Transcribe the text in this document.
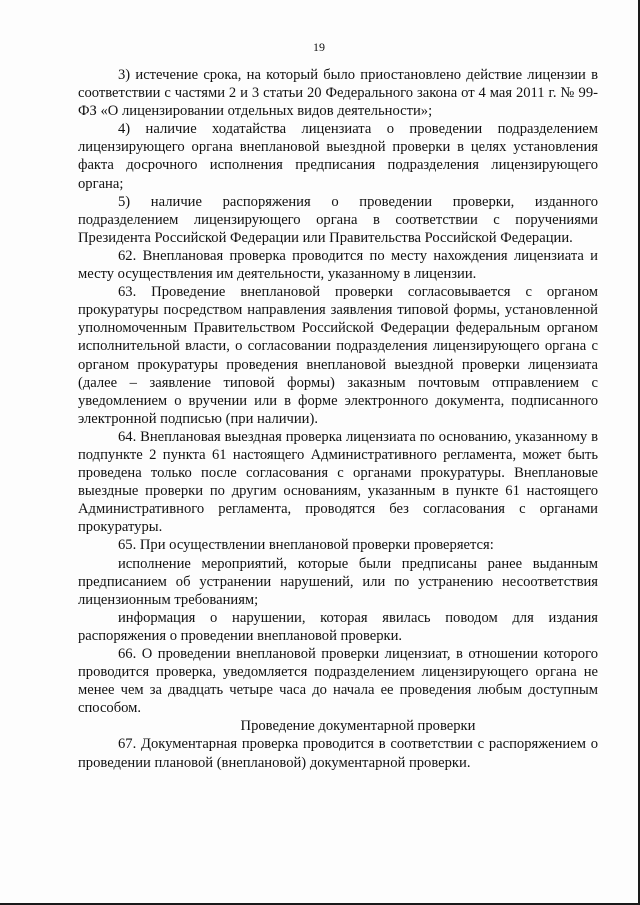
19

3) истечение срока, на который было приостановлено действие лицензии в соответствии с частями 2 и 3 статьи 20 Федерального закона от 4 мая 2011 г. № 99-ФЗ «О лицензировании отдельных видов деятельности»;

4) наличие ходатайства лицензиата о проведении подразделением лицензирующего органа внеплановой выездной проверки в целях установления факта досрочного исполнения предписания подразделения лицензирующего органа;

5) наличие распоряжения о проведении проверки, изданного подразделением лицензирующего органа в соответствии с поручениями Президента Российской Федерации или Правительства Российской Федерации.

62. Внеплановая проверка проводится по месту нахождения лицензиата и месту осуществления им деятельности, указанному в лицензии.

63. Проведение внеплановой проверки согласовывается с органом прокуратуры посредством направления заявления типовой формы, установленной уполномоченным Правительством Российской Федерации федеральным органом исполнительной власти, о согласовании подразделения лицензирующего органа с органом прокуратуры проведения внеплановой выездной проверки лицензиата (далее – заявление типовой формы) заказным почтовым отправлением с уведомлением о вручении или в форме электронного документа, подписанного электронной подписью (при наличии).

64. Внеплановая выездная проверка лицензиата по основанию, указанному в подпункте 2 пункта 61 настоящего Административного регламента, может быть проведена только после согласования с органами прокуратуры. Внеплановые выездные проверки по другим основаниям, указанным в пункте 61 настоящего Административного регламента, проводятся без согласования с органами прокуратуры.

65. При осуществлении внеплановой проверки проверяется:

исполнение мероприятий, которые были предписаны ранее выданным предписанием об устранении нарушений, или по устранению несоответствия лицензионным требованиям;

информация о нарушении, которая явилась поводом для издания распоряжения о проведении внеплановой проверки.

66. О проведении внеплановой проверки лицензиат, в отношении которого проводится проверка, уведомляется подразделением лицензирующего органа не менее чем за двадцать четыре часа до начала ее проведения любым доступным способом.

Проведение документарной проверки

67. Документарная проверка проводится в соответствии с распоряжением о проведении плановой (внеплановой) документарной проверки.
